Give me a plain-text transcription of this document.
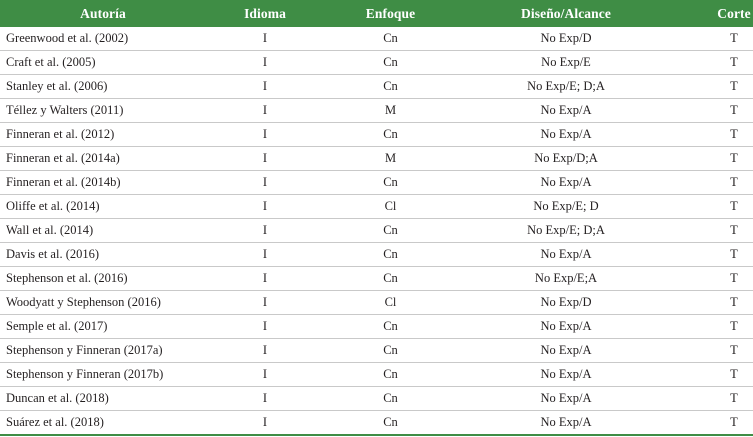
Autoría	Idioma	Enfoque	Diseño/Alcance	Corte
Greenwood et al. (2002)	I	Cn	No Exp/D	T
Craft et al. (2005)	I	Cn	No Exp/E	T
Stanley et al. (2006)	I	Cn	No Exp/E; D;A	T
Téllez y Walters (2011)	I	M	No Exp/A	T
Finneran et al. (2012)	I	Cn	No Exp/A	T
Finneran et al. (2014a)	I	M	No Exp/D;A	T
Finneran et al. (2014b)	I	Cn	No Exp/A	T
Oliffe et al. (2014)	I	Cl	No Exp/E; D	T
Wall et al. (2014)	I	Cn	No Exp/E; D;A	T
Davis et al. (2016)	I	Cn	No Exp/A	T
Stephenson et al. (2016)	I	Cn	No Exp/E;A	T
Woodyatt y Stephenson (2016)	I	Cl	No Exp/D	T
Semple et al. (2017)	I	Cn	No Exp/A	T
Stephenson y Finneran (2017a)	I	Cn	No Exp/A	T
Stephenson y Finneran (2017b)	I	Cn	No Exp/A	T
Duncan et al. (2018)	I	Cn	No Exp/A	T
Suárez et al. (2018)	I	Cn	No Exp/A	T
